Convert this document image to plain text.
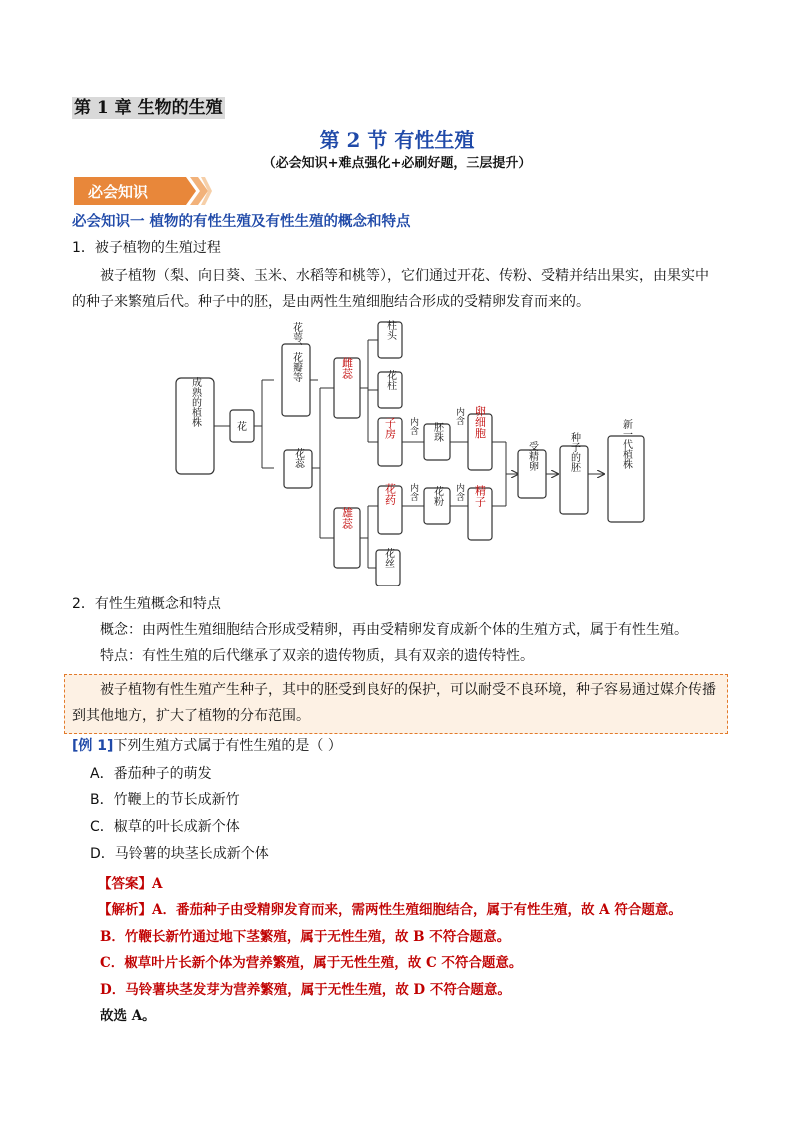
第 1 章 生物的生殖
第 2 节 有性生殖
（必会知识+难点强化+必刷好题，三层提升）
必会知识
必会知识一 植物的有性生殖及有性生殖的概念和特点
1．被子植物的生殖过程
被子植物（梨、向日葵、玉米、水稻等和桃等），它们通过开花、传粉、受精并结出果实，由果实中
的种子来繁殖后代。种子中的胚，是由两性生殖细胞结合形成的受精卵发育而来的。
成熟的植株
花
花萼、花瓣等
花蕊
柱头
花柱
胚珠
花粉
花丝
受精卵	种子的胚	新一代植株
内含
内含
内含	内含
雌蕊
雄蕊
子房	卵细胞
花药	精子
2．有性生殖概念和特点
概念：由两性生殖细胞结合形成受精卵，再由受精卵发育成新个体的生殖方式，属于有性生殖。
特点：有性生殖的后代继承了双亲的遗传物质，具有双亲的遗传特性。
被子植物有性生殖产生种子，其中的胚受到良好的保护，可以耐受不良环境，种子容易通过媒介传播
到其他地方，扩大了植物的分布范围。
[例 1]下列生殖方式属于有性生殖的是（ ）
A．番茄种子的萌发
B．竹鞭上的节长成新竹
C．椒草的叶长成新个体
D．马铃薯的块茎长成新个体
【答案】A
【解析】A．番茄种子由受精卵发育而来，需两性生殖细胞结合，属于有性生殖，故 A 符合题意。
B．竹鞭长新竹通过地下茎繁殖，属于无性生殖，故 B 不符合题意。
C．椒草叶片长新个体为营养繁殖，属于无性生殖，故 C 不符合题意。
D．马铃薯块茎发芽为营养繁殖，属于无性生殖，故 D 不符合题意。
故选 A。
